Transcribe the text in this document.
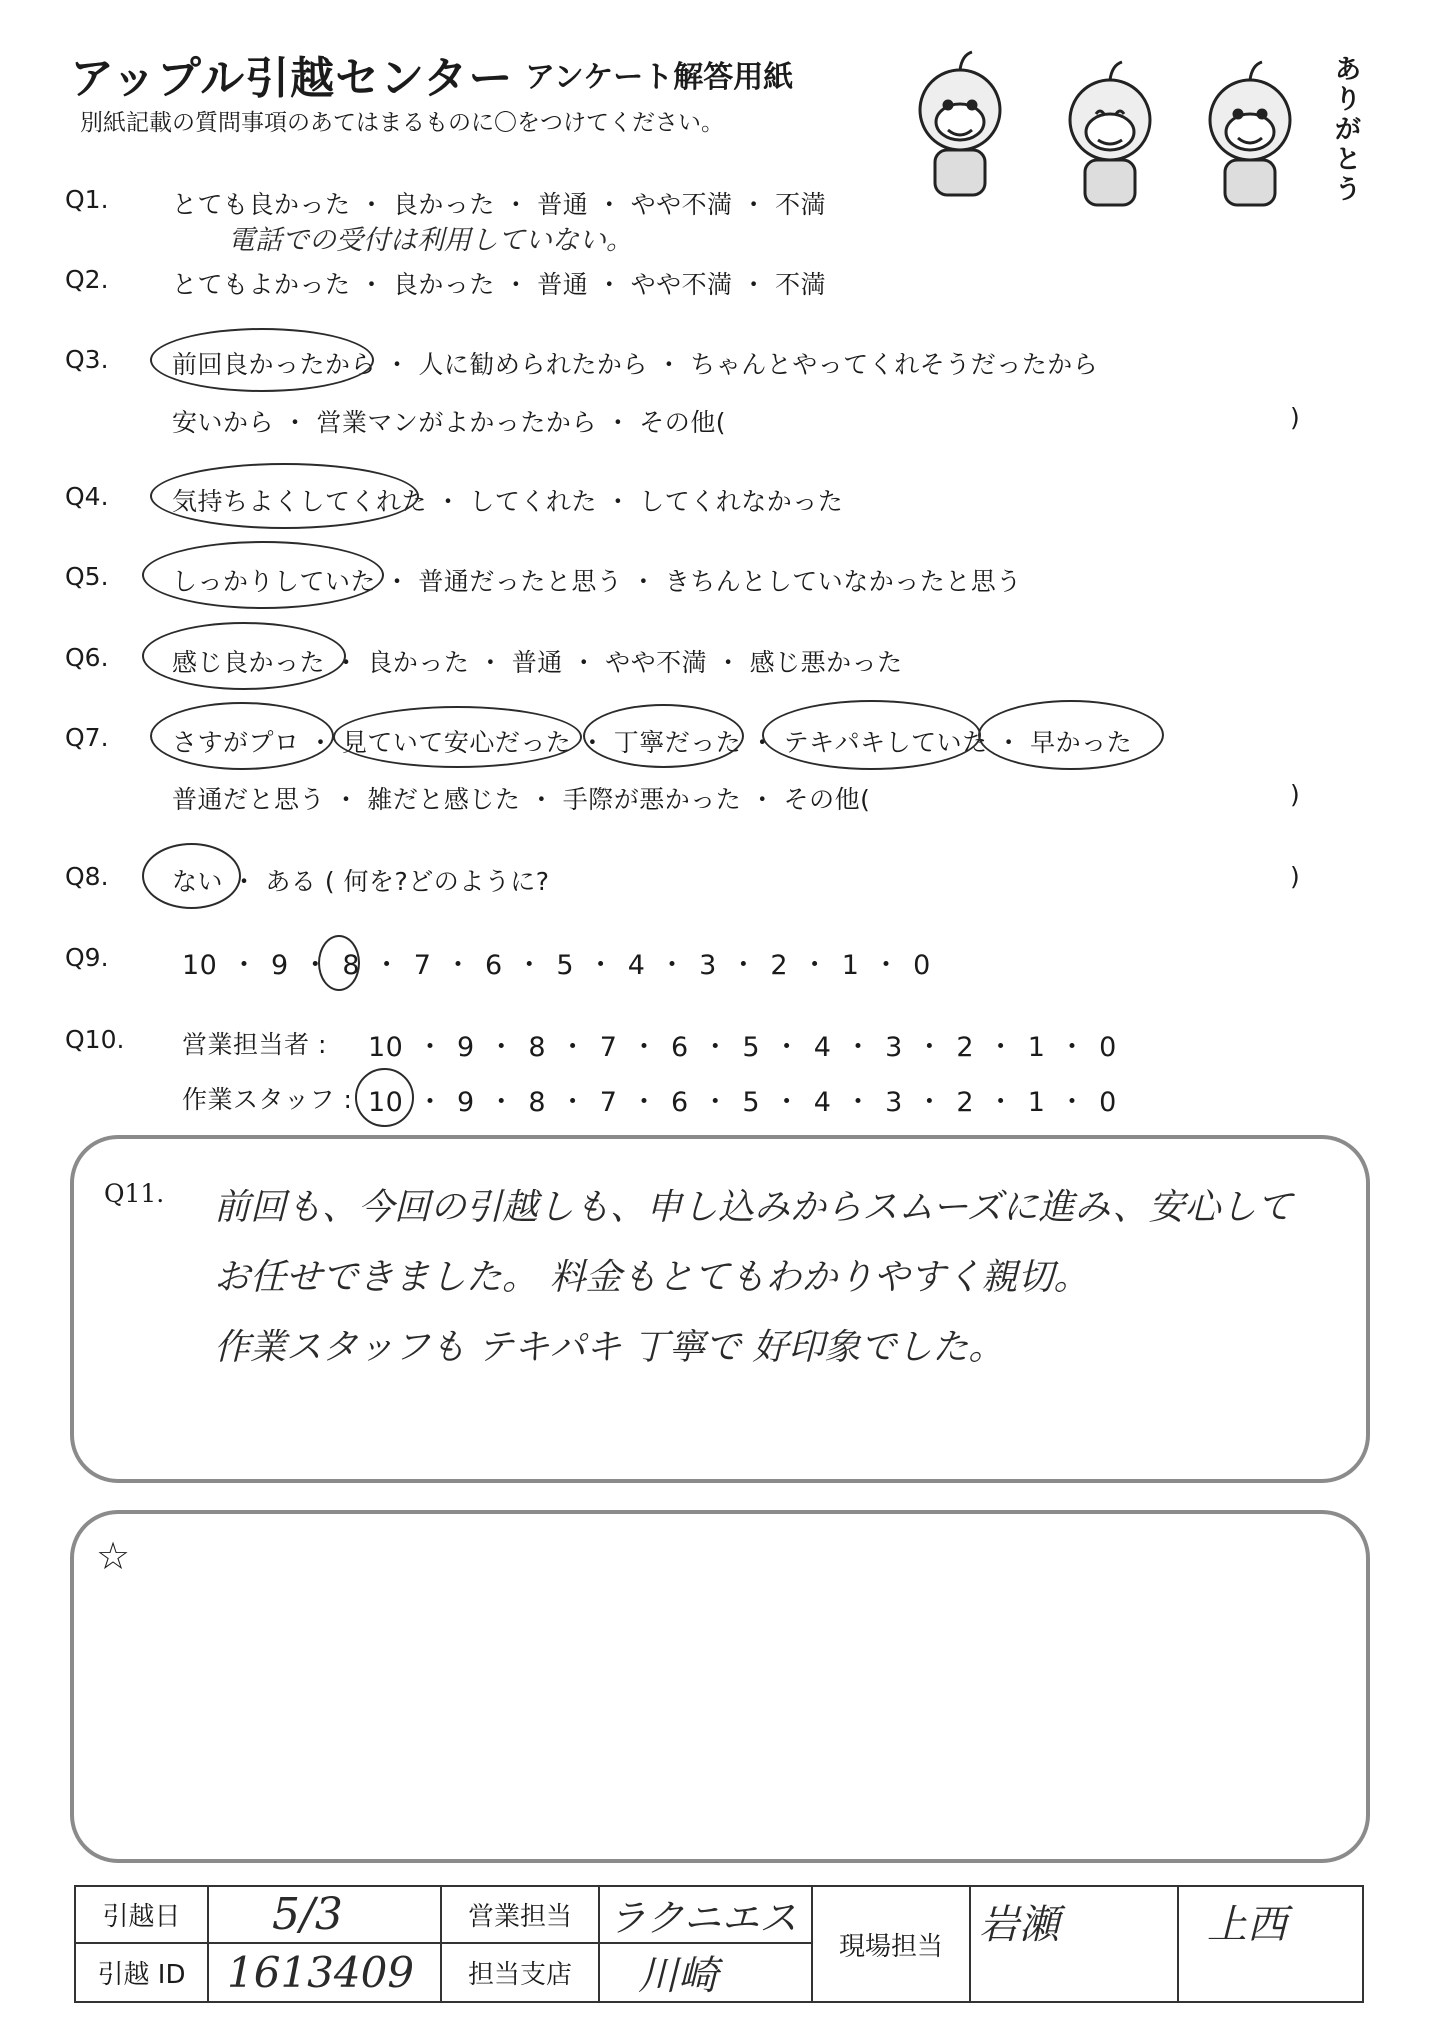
アップル引越センター アンケート解答用紙
別紙記載の質問事項のあてはまるものに〇をつけてください。
ありがとう
Q1.	とても良かった ・ 良かった ・ 普通 ・ やや不満 ・ 不満
電話での受付は利用していない。
Q2.	とてもよかった ・ 良かった ・ 普通 ・ やや不満 ・ 不満
Q3.	前回良かったから ・ 人に勧められたから ・ ちゃんとやってくれそうだったから
安いから ・ 営業マンがよかったから ・ その他(	)
Q4.	気持ちよくしてくれた ・ してくれた ・ してくれなかった
Q5.	しっかりしていた ・ 普通だったと思う ・ きちんとしていなかったと思う
Q6.	感じ良かった ・ 良かった ・ 普通 ・ やや不満 ・ 感じ悪かった
Q7.	さすがプロ ・ 見ていて安心だった ・ 丁寧だった ・ テキパキしていた ・ 早かった
普通だと思う ・ 雑だと感じた ・ 手際が悪かった ・ その他(	)
Q8.	ない ・ ある ( 何を?どのように?	)
Q9.	10 ・ 9 ・ 8 ・ 7 ・ 6 ・ 5 ・ 4 ・ 3 ・ 2 ・ 1 ・ 0
Q10. 営業担当者 : 10 ・ 9 ・ 8 ・ 7 ・ 6 ・ 5 ・ 4 ・ 3 ・ 2 ・ 1 ・ 0
作業スタッフ : 10 ・ 9 ・ 8 ・ 7 ・ 6 ・ 5 ・ 4 ・ 3 ・ 2 ・ 1 ・ 0
Q11. 前回も、今回の引越しも、申し込みからスムーズに進み、安心して
お任せできました。 料金もとてもわかりやすく親切。
作業スタッフも テキパキ 丁寧で 好印象でした。
☆
引越日	5/3	営業担当	ラクニエス	現場担当	岩瀬	上西
引越 ID	1613409	担当支店	川崎			
